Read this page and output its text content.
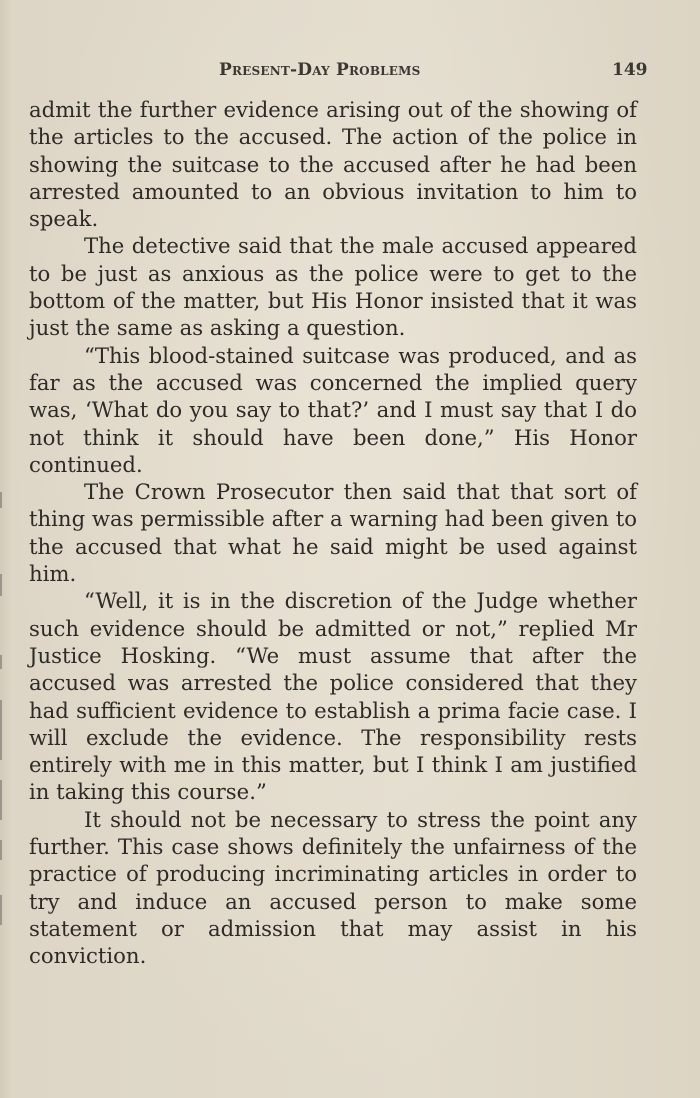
Present-Day Problems	149

admit the further evidence arising out of the showing of the articles to the accused. The action of the police in showing the suitcase to the accused after he had been arrested amounted to an obvious invitation to him to speak.

The detective said that the male accused appeared to be just as anxious as the police were to get to the bottom of the matter, but His Honor insisted that it was just the same as asking a question.

“This blood-stained suitcase was produced, and as far as the accused was concerned the implied query was, ‘What do you say to that?’ and I must say that I do not think it should have been done,” His Honor continued.

The Crown Prosecutor then said that that sort of thing was permissible after a warning had been given to the accused that what he said might be used against him.

“Well, it is in the discretion of the Judge whether such evidence should be admitted or not,” replied Mr Justice Hosking. “We must assume that after the accused was arrested the police considered that they had sufficient evidence to establish a prima facie case. I will exclude the evidence. The responsibility rests entirely with me in this matter, but I think I am justified in taking this course.”

It should not be necessary to stress the point any further. This case shows definitely the unfairness of the practice of producing incriminating articles in order to try and induce an accused person to make some statement or admission that may assist in his conviction.
